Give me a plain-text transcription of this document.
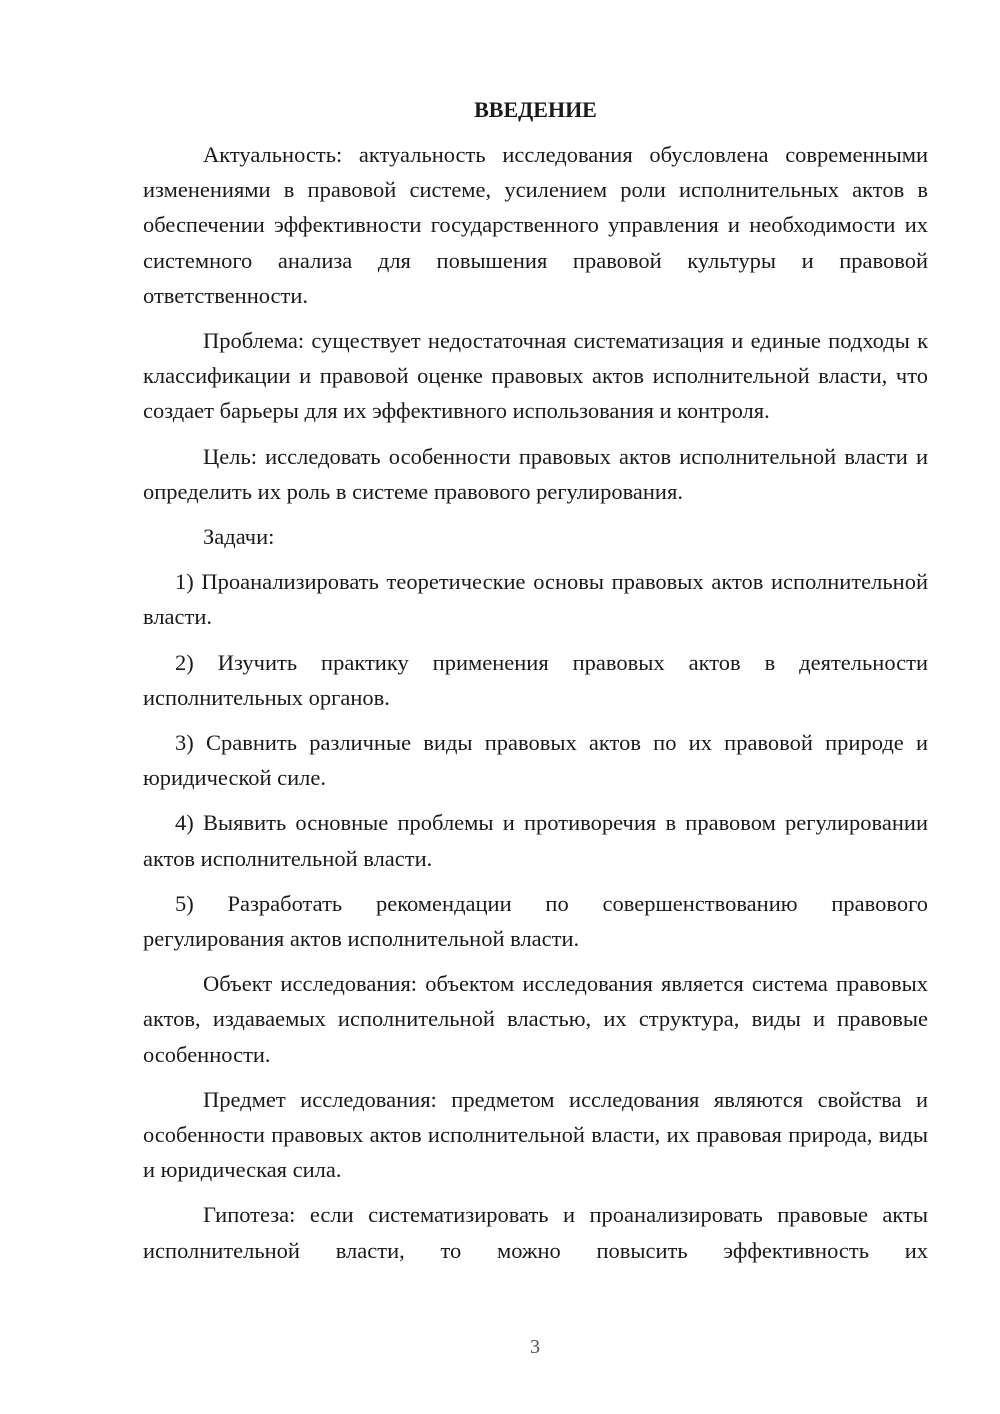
ВВЕДЕНИЕ

Актуальность: актуальность исследования обусловлена современными изменениями в правовой системе, усилением роли исполнительных актов в обеспечении эффективности государственного управления и необходимости их системного анализа для повышения правовой культуры и правовой ответственности.

Проблема: существует недостаточная систематизация и единые подходы к классификации и правовой оценке правовых актов исполнительной власти, что создает барьеры для их эффективного использования и контроля.

Цель: исследовать особенности правовых актов исполнительной власти и определить их роль в системе правового регулирования.

Задачи:

1) Проанализировать теоретические основы правовых актов исполнительной власти.

2) Изучить практику применения правовых актов в деятельности исполнительных органов.

3) Сравнить различные виды правовых актов по их правовой природе и юридической силе.

4) Выявить основные проблемы и противоречия в правовом регулировании актов исполнительной власти.

5) Разработать рекомендации по совершенствованию правового регулирования актов исполнительной власти.

Объект исследования: объектом исследования является система правовых актов, издаваемых исполнительной властью, их структура, виды и правовые особенности.

Предмет исследования: предметом исследования являются свойства и особенности правовых актов исполнительной власти, их правовая природа, виды и юридическая сила.

Гипотеза: если систематизировать и проанализировать правовые акты исполнительной власти, то можно повысить эффективность их

3
